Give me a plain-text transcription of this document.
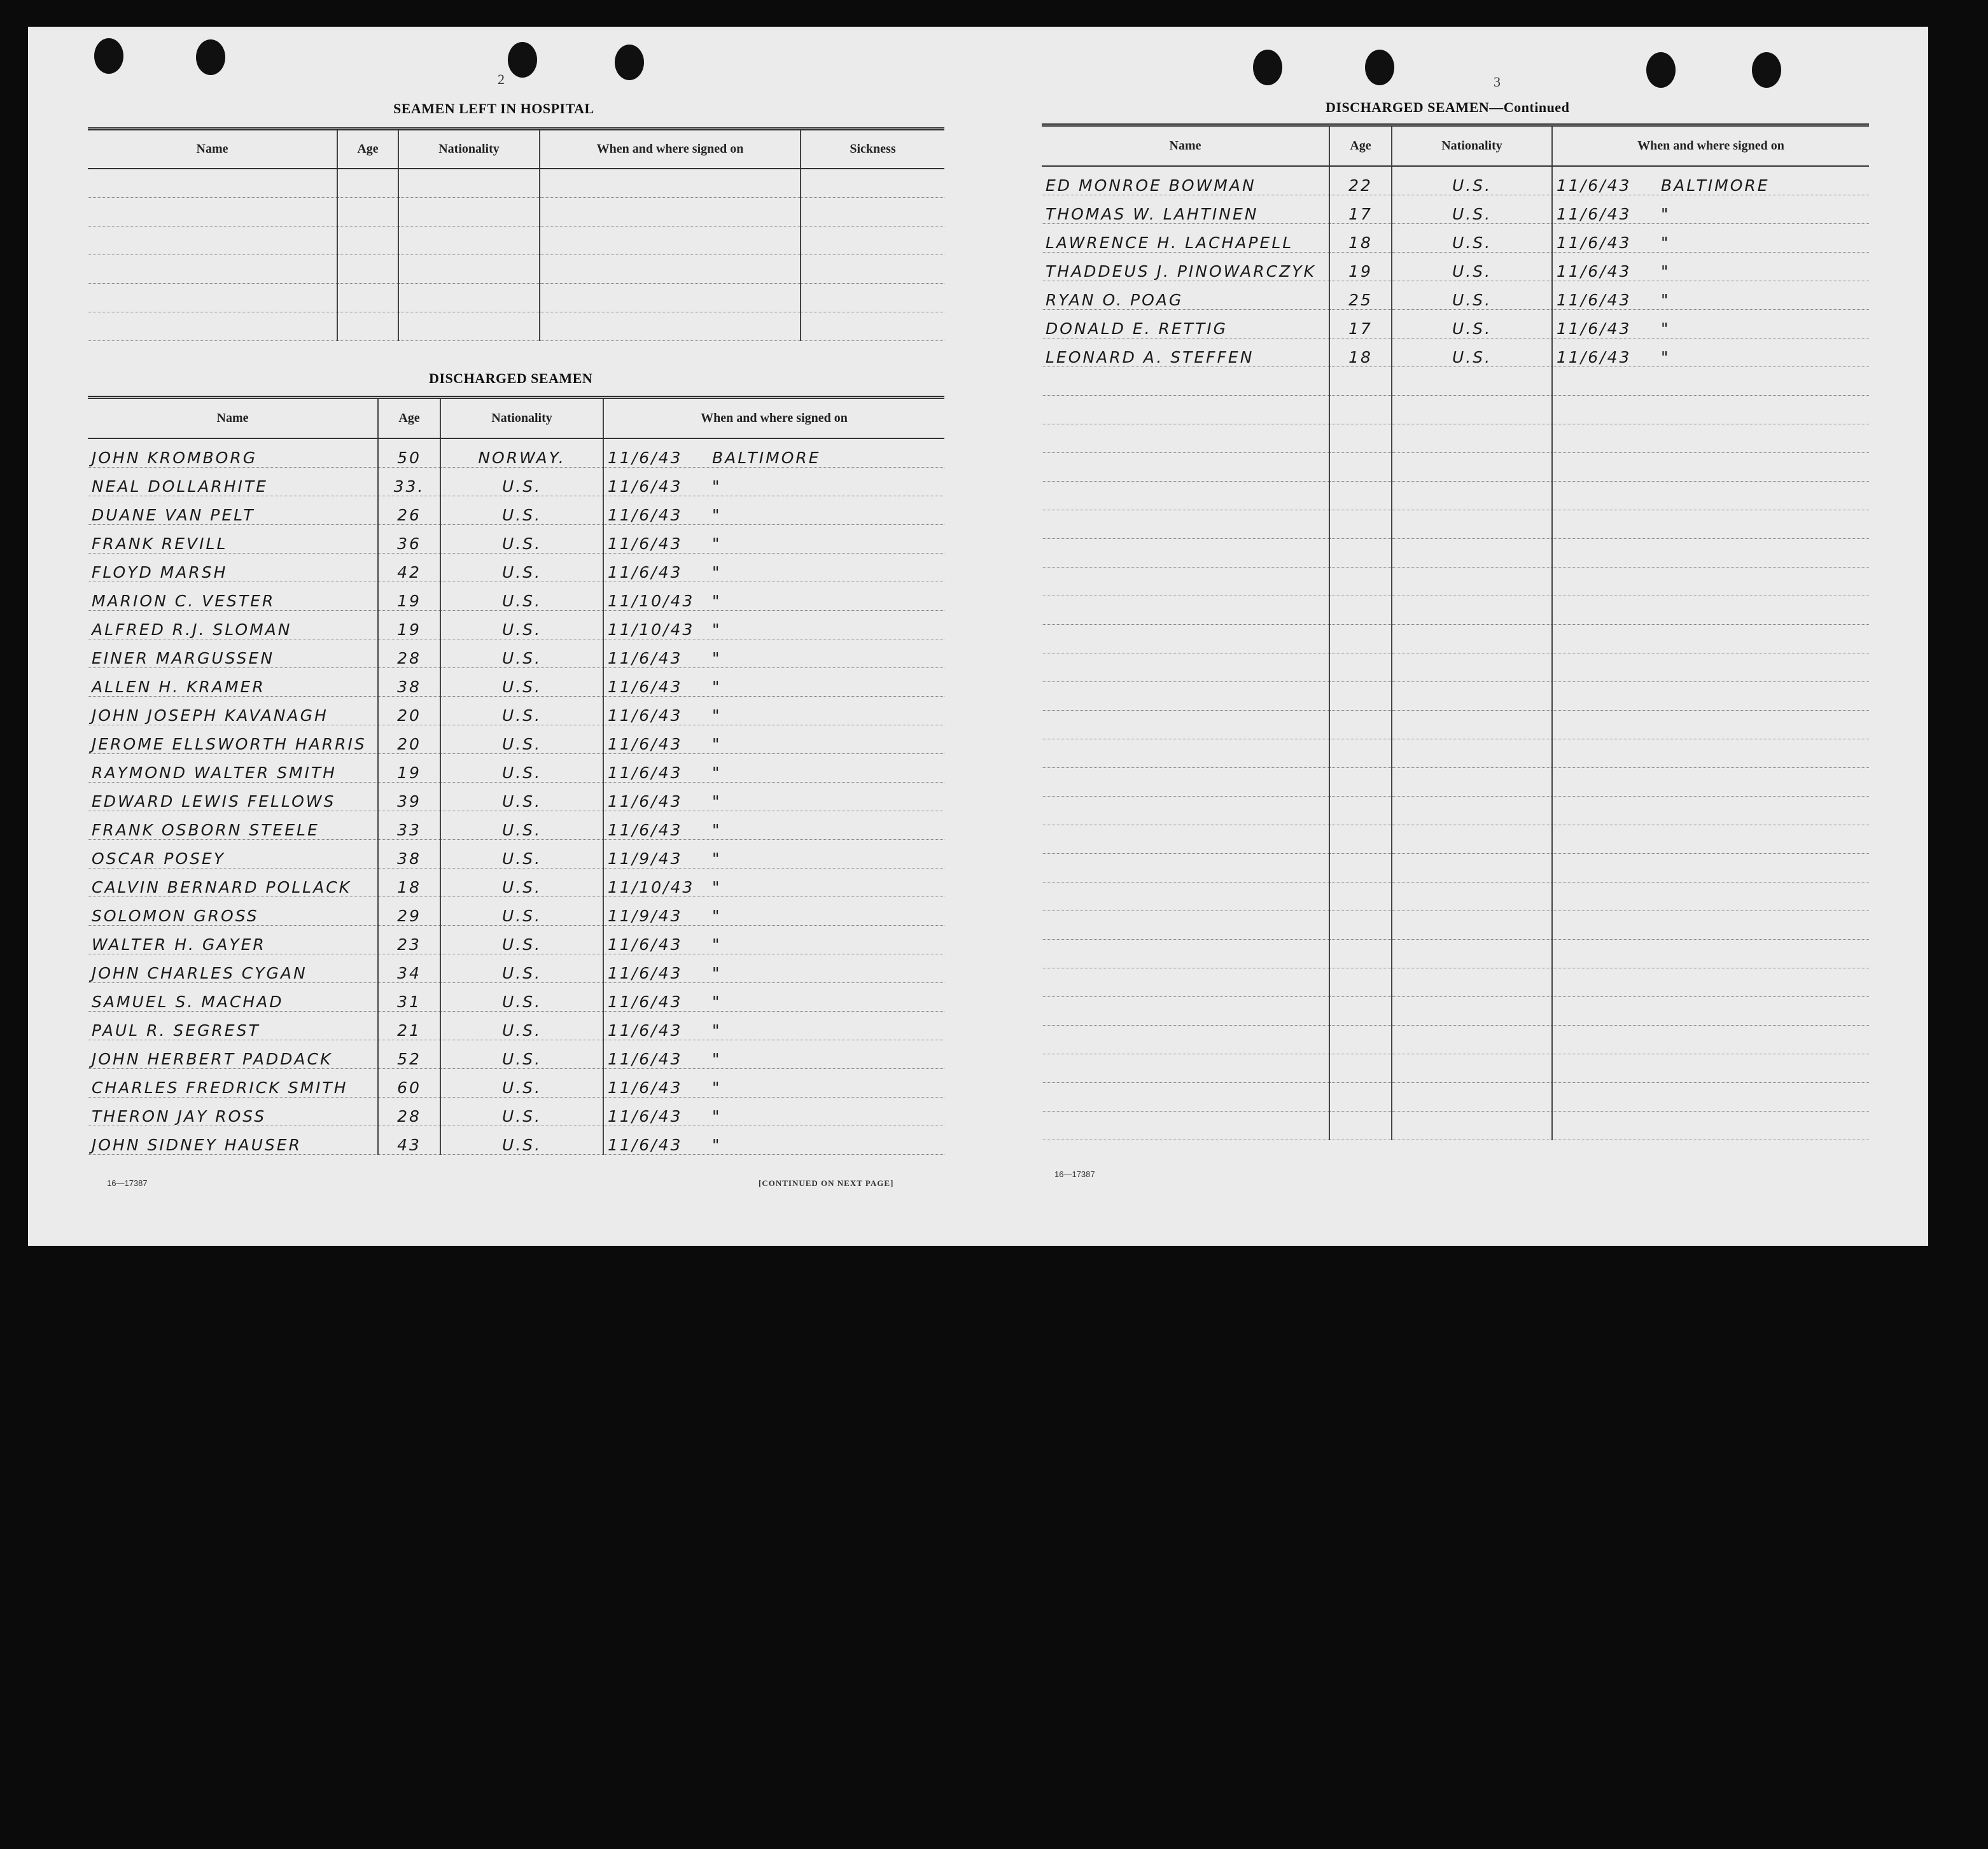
2
SEAMEN LEFT IN HOSPITAL
Name	Age	Nationality	When and where signed on	Sickness

DISCHARGED SEAMEN
Name	Age	Nationality	When and where signed on
JOHN KROMBORG	50	NORWAY.	11/6/43 BALTIMORE

NEAL DOLLARHITE	33.	U.S.	11/6/43 "

DUANE VAN PELT	26	U.S.	11/6/43 "

FRANK REVILL	36	U.S.	11/6/43 "

FLOYD MARSH	42	U.S.	11/6/43 "

MARION C. VESTER	19	U.S.	11/10/43 "

ALFRED R.J. SLOMAN	19	U.S.	11/10/43 "

EINER MARGUSSEN	28	U.S.	11/6/43 "

ALLEN H. KRAMER	38	U.S.	11/6/43 "

JOHN JOSEPH KAVANAGH	20	U.S.	11/6/43 "

JEROME ELLSWORTH HARRIS	20	U.S.	11/6/43 "

RAYMOND WALTER SMITH	19	U.S.	11/6/43 "

EDWARD LEWIS FELLOWS	39	U.S.	11/6/43 "

FRANK OSBORN STEELE	33	U.S.	11/6/43 "

OSCAR POSEY	38	U.S.	11/9/43 "

CALVIN BERNARD POLLACK	18	U.S.	11/10/43 "

SOLOMON GROSS	29	U.S.	11/9/43 "

WALTER H. GAYER	23	U.S.	11/6/43 "

JOHN CHARLES CYGAN	34	U.S.	11/6/43 "

SAMUEL S. MACHAD	31	U.S.	11/6/43 "

PAUL R. SEGREST	21	U.S.	11/6/43 "

JOHN HERBERT PADDACK	52	U.S.	11/6/43 "

CHARLES FREDRICK SMITH	60	U.S.	11/6/43 "

THERON JAY ROSS	28	U.S.	11/6/43 "

JOHN SIDNEY HAUSER	43	U.S.	11/6/43 "
16—17387	[CONTINUED ON NEXT PAGE]
3
DISCHARGED SEAMEN—Continued
Name	Age	Nationality	When and where signed on
ED MONROE BOWMAN	22	U.S.	11/6/43 BALTIMORE

THOMAS W. LAHTINEN	17	U.S.	11/6/43 "

LAWRENCE H. LACHAPELL	18	U.S.	11/6/43 "

THADDEUS J. PINOWARCZYK	19	U.S.	11/6/43 "

RYAN O. POAG	25	U.S.	11/6/43 "

DONALD E. RETTIG	17	U.S.	11/6/43 "

LEONARD A. STEFFEN	18	U.S.	11/6/43 "

16—17387
